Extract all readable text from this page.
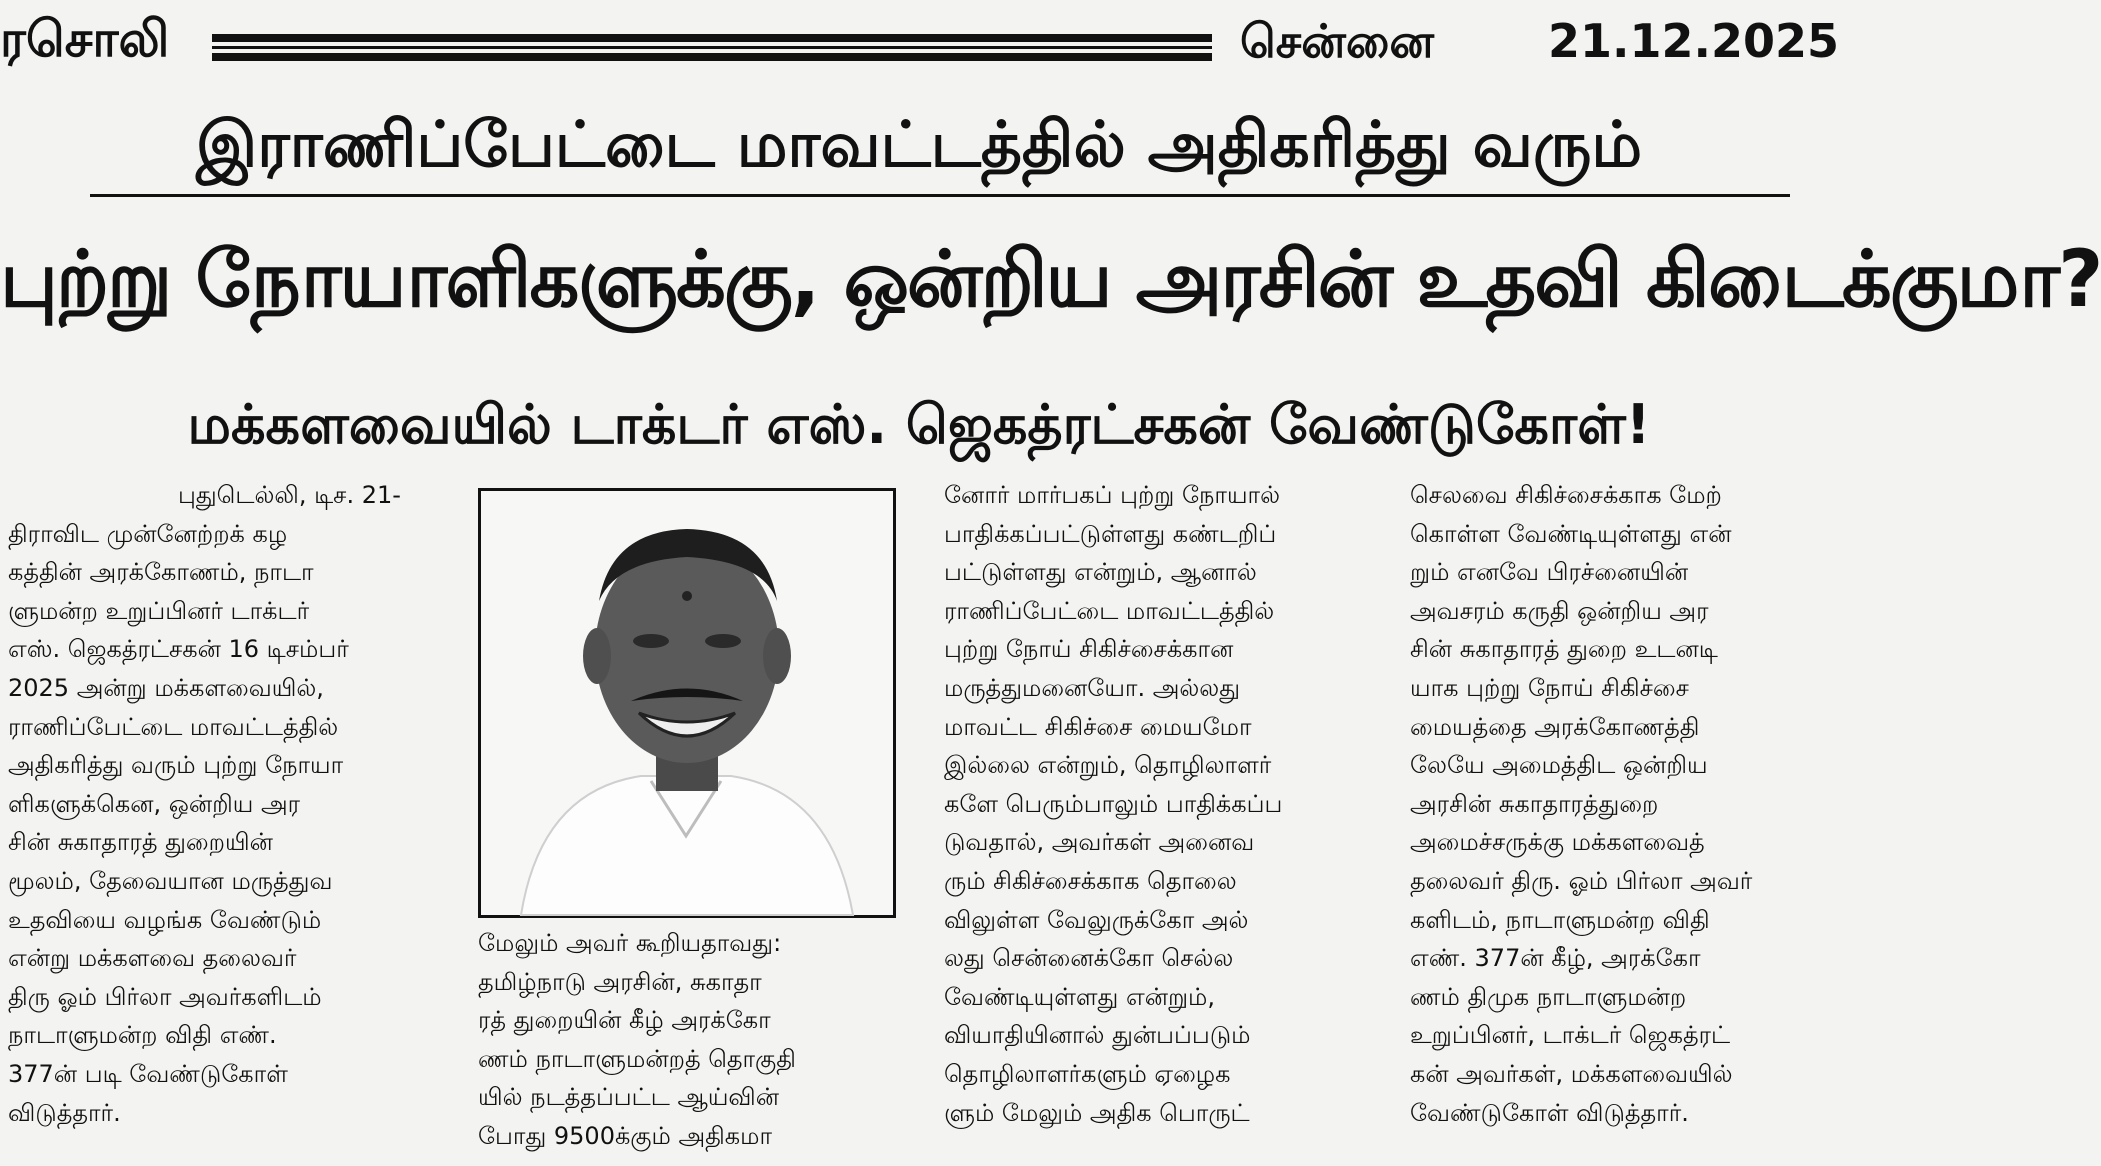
ரசொலி	சென்னை 21.12.2025
இராணிப்பேட்டை மாவட்டத்தில் அதிகரித்து வரும்
புற்று நோயாளிகளுக்கு, ஒன்றிய அரசின் உதவி கிடைக்குமா?
மக்களவையில் டாக்டர் எஸ். ஜெகத்ரட்சகன் வேண்டுகோள்!
புதுடெல்லி, டிச. 21-
திராவிட முன்னேற்றக் கழ
கத்தின் அரக்கோணம், நாடா
ளுமன்ற உறுப்பினர் டாக்டர்
எஸ். ஜெகத்ரட்சகன் 16 டிசம்பர்
2025 அன்று மக்களவையில்,
ராணிப்பேட்டை மாவட்டத்தில்
அதிகரித்து வரும் புற்று நோயா
ளிகளுக்கென, ஒன்றிய அர
சின் சுகாதாரத் துறையின்
மூலம், தேவையான மருத்துவ
உதவியை வழங்க வேண்டும்
என்று மக்களவை தலைவர்
திரு ஓம் பிர்லா அவர்களிடம்
நாடாளுமன்ற விதி எண்.
377ன் படி வேண்டுகோள்
விடுத்தார்.
மேலும் அவர் கூறியதாவது:
தமிழ்நாடு அரசின், சுகாதா
ரத் துறையின் கீழ் அரக்கோ
ணம் நாடாளுமன்றத் தொகுதி
யில் நடத்தப்பட்ட ஆய்வின்
போது 9500க்கும் அதிகமா
னோர் மார்பகப் புற்று நோயால்
பாதிக்கப்பட்டுள்ளது கண்டறிப்
பட்டுள்ளது என்றும், ஆனால்
ராணிப்பேட்டை மாவட்டத்தில்
புற்று நோய் சிகிச்சைக்கான
மருத்துமனையோ. அல்லது
மாவட்ட சிகிச்சை மையமோ
இல்லை என்றும், தொழிலாளர்
களே பெரும்பாலும் பாதிக்கப்ப
டுவதால், அவர்கள் அனைவ
ரும் சிகிச்சைக்காக தொலை
விலுள்ள வேலுருக்கோ அல்
லது சென்னைக்கோ செல்ல
வேண்டியுள்ளது என்றும்,
வியாதியினால் துன்பப்படும்
தொழிலாளர்களும் ஏழைக
ளும் மேலும் அதிக பொருட்
செலவை சிகிச்சைக்காக மேற்
கொள்ள வேண்டியுள்ளது என்
றும் எனவே பிரச்னையின்
அவசரம் கருதி ஒன்றிய அர
சின் சுகாதாரத் துறை உடனடி
யாக புற்று நோய் சிகிச்சை
மையத்தை அரக்கோணத்தி
லேயே அமைத்திட ஒன்றிய
அரசின் சுகாதாரத்துறை
அமைச்சருக்கு மக்களவைத்
தலைவர் திரு. ஓம் பிர்லா அவர்
களிடம், நாடாளுமன்ற விதி
எண். 377ன் கீழ், அரக்கோ
ணம் திமுக நாடாளுமன்ற
உறுப்பினர், டாக்டர் ஜெகத்ரட்
கன் அவர்கள், மக்களவையில்
வேண்டுகோள் விடுத்தார்.
